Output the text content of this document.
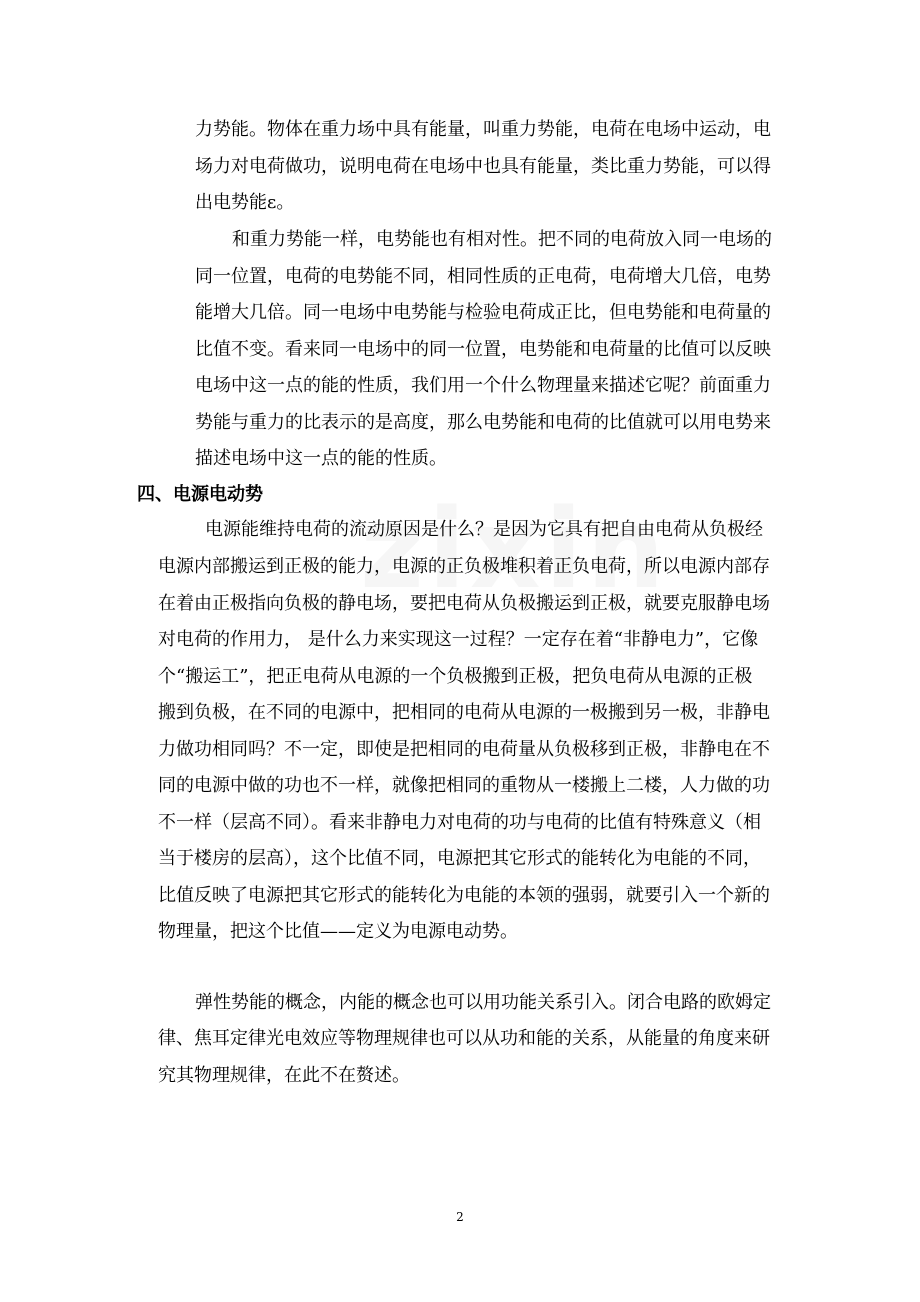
力势能。物体在重力场中具有能量，叫重力势能，电荷在电场中运动，电
场力对电荷做功，说明电荷在电场中也具有能量，类比重力势能，可以得
出电势能ε。
和重力势能一样，电势能也有相对性。把不同的电荷放入同一电场的
同一位置，电荷的电势能不同，相同性质的正电荷，电荷增大几倍，电势
能增大几倍。同一电场中电势能与检验电荷成正比，但电势能和电荷量的
比值不变。看来同一电场中的同一位置，电势能和电荷量的比值可以反映
电场中这一点的能的性质，我们用一个什么物理量来描述它呢？前面重力
势能与重力的比表示的是高度，那么电势能和电荷的比值就可以用电势来
描述电场中这一点的能的性质。
四、电源电动势
电源能维持电荷的流动原因是什么？是因为它具有把自由电荷从负极经
电源内部搬运到正极的能力，电源的正负极堆积着正负电荷，所以电源内部存
在着由正极指向负极的静电场，要把电荷从负极搬运到正极，就要克服静电场
对电荷的作用力， 是什么力来实现这一过程？一定存在着“非静电力”，它像
个“搬运工”，把正电荷从电源的一个负极搬到正极，把负电荷从电源的正极
搬到负极，在不同的电源中，把相同的电荷从电源的一极搬到另一极，非静电
力做功相同吗？不一定，即使是把相同的电荷量从负极移到正极，非静电在不
同的电源中做的功也不一样，就像把相同的重物从一楼搬上二楼，人力做的功
不一样（层高不同）。看来非静电力对电荷的功与电荷的比值有特殊意义（相
当于楼房的层高），这个比值不同，电源把其它形式的能转化为电能的不同，
比值反映了电源把其它形式的能转化为电能的本领的强弱，就要引入一个新的
物理量，把这个比值——定义为电源电动势。
弹性势能的概念，内能的概念也可以用功能关系引入。闭合电路的欧姆定
律、焦耳定律光电效应等物理规律也可以从功和能的关系，从能量的角度来研
究其物理规律，在此不在赘述。
2
